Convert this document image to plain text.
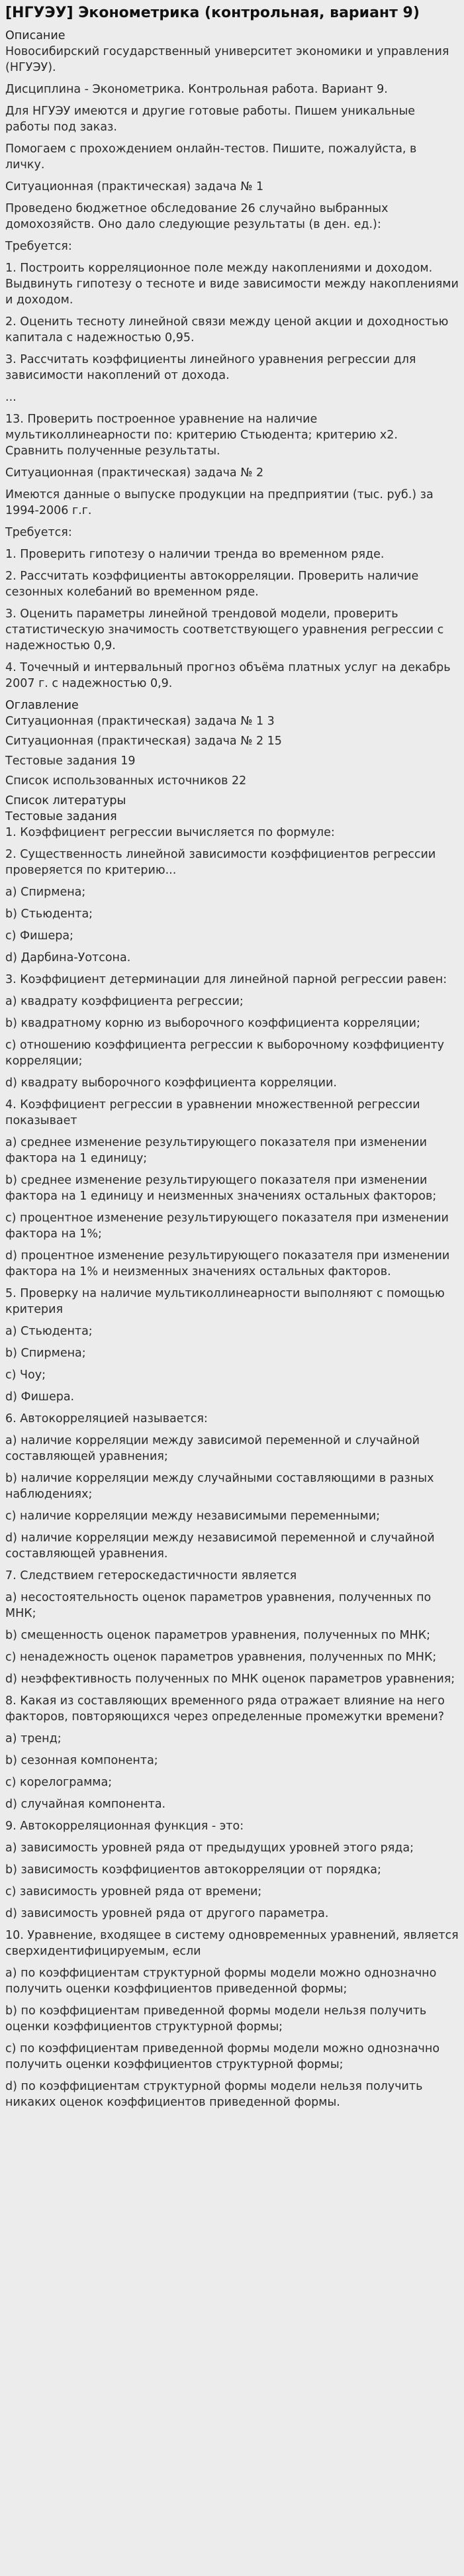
[НГУЭУ] Эконометрика (контрольная, вариант 9)
Описание

Новосибирский государственный университет экономики и управления (НГУЭУ).

Дисциплина - Эконометрика. Контрольная работа. Вариант 9.

Для НГУЭУ имеются и другие готовые работы. Пишем уникальные работы под заказ.

Помогаем с прохождением онлайн-тестов. Пишите, пожалуйста, в личку.

Ситуационная (практическая) задача № 1

Проведено бюджетное обследование 26 случайно выбранных домохозяйств. Оно дало следующие результаты (в ден. ед.):

Требуется:

1. Построить корреляционное поле между накоплениями и доходом. Выдвинуть гипотезу о тесноте и виде зависимости между накоплениями и доходом.

2. Оценить тесноту линейной связи между ценой акции и доходностью капитала с надежностью 0,95.

3. Рассчитать коэффициенты линейного уравнения регрессии для зависимости накоплений от дохода.

...

13. Проверить построенное уравнение на наличие мультиколлинеарности по: критерию Стьюдента; критерию x2. Сравнить полученные результаты.

Ситуационная (практическая) задача № 2

Имеются данные о выпуске продукции на предприятии (тыс. руб.) за 1994-2006 г.г.

Требуется:

1. Проверить гипотезу о наличии тренда во временном ряде.

2. Рассчитать коэффициенты автокорреляции. Проверить наличие сезонных колебаний во временном ряде.

3. Оценить параметры линейной трендовой модели, проверить статистическую значимость соответствующего уравнения регрессии с надежностью 0,9.

4. Точечный и интервальный прогноз объёма платных услуг на декабрь 2007 г. с надежностью 0,9.

Оглавление

Ситуационная (практическая) задача № 1 3

Ситуационная (практическая) задача № 2 15

Тестовые задания 19

Список использованных источников 22

Список литературы
Тестовые задания

1. Коэффициент регрессии вычисляется по формуле:

2. Существенность линейной зависимости коэффициентов регрессии проверяется по критерию...

a) Спирмена;

b) Стьюдента;

c) Фишера;

d) Дарбина-Уотсона.

3. Коэффициент детерминации для линейной парной регрессии равен:

a) квадрату коэффициента регрессии;

b) квадратному корню из выборочного коэффициента корреляции;

c) отношению коэффициента регрессии к выборочному коэффициенту корреляции;

d) квадрату выборочного коэффициента корреляции.

4. Коэффициент регрессии в уравнении множественной регрессии показывает

a) среднее изменение результирующего показателя при изменении фактора на 1 единицу;

b) среднее изменение результирующего показателя при изменении фактора на 1 единицу и неизменных значениях остальных факторов;

c) процентное изменение результирующего показателя при изменении фактора на 1%;

d) процентное изменение результирующего показателя при изменении фактора на 1% и неизменных значениях остальных факторов.

5. Проверку на наличие мультиколлинеарности выполняют с помощью критерия

a) Стьюдента;

b) Спирмена;

c) Чоу;

d) Фишера.

6. Автокорреляцией называется:

a) наличие корреляции между зависимой переменной и случайной составляющей уравнения;

b) наличие корреляции между случайными составляющими в разных наблюдениях;

c) наличие корреляции между независимыми переменными;

d) наличие корреляции между независимой переменной и случайной составляющей уравнения.

7. Следствием гетероскедастичности является

a) несостоятельность оценок параметров уравнения, полученных по МНК;

b) смещенность оценок параметров уравнения, полученных по МНК;

c) ненадежность оценок параметров уравнения, полученных по МНК;

d) неэффективность полученных по МНК оценок параметров уравнения;

8. Какая из составляющих временного ряда отражает влияние на него факторов, повторяющихся через определенные промежутки времени?

a) тренд;

b) сезонная компонента;

c) корелограмма;

d) случайная компонента.

9. Автокорреляционная функция - это:

a) зависимость уровней ряда от предыдущих уровней этого ряда;

b) зависимость коэффициентов автокорреляции от порядка;

c) зависимость уровней ряда от времени;

d) зависимость уровней ряда от другого параметра.

10. Уравнение, входящее в систему одновременных уравнений, является сверхидентифицируемым, если

a) по коэффициентам структурной формы модели можно однозначно получить оценки коэффициентов приведенной формы;

b) по коэффициентам приведенной формы модели нельзя получить оценки коэффициентов структурной формы;

c) по коэффициентам приведенной формы модели можно однозначно получить оценки коэффициентов структурной формы;

d) по коэффициентам структурной формы модели нельзя получить никаких оценок коэффициентов приведенной формы.
